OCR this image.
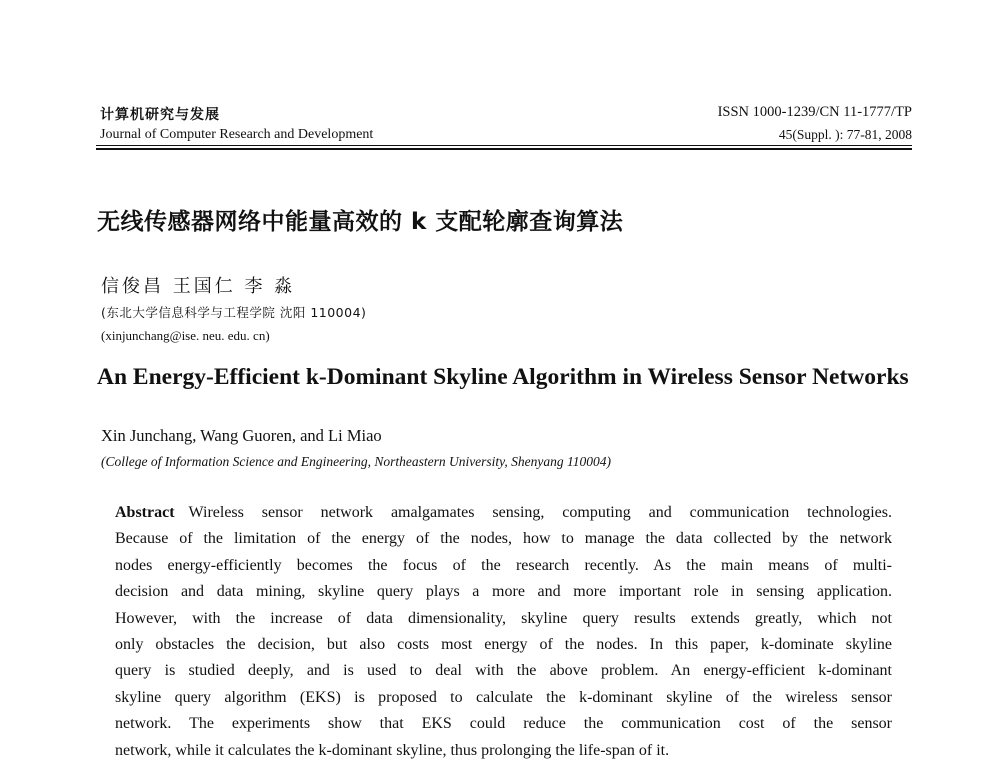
计算机研究与发展
Journal of Computer Research and Development
ISSN 1000-1239/CN 11-1777/TP
45(Suppl. ): 77-81, 2008
无线传感器网络中能量高效的 k 支配轮廓查询算法
信俊昌 王国仁 李 淼
(东北大学信息科学与工程学院 沈阳 110004)
(xinjunchang@ise. neu. edu. cn)
An Energy-Efficient k-Dominant Skyline Algorithm in Wireless Sensor Networks
Xin Junchang, Wang Guoren, and Li Miao
(College of Information Science and Engineering, Northeastern University, Shenyang 110004)
Abstract Wireless sensor network amalgamates sensing, computing and communication technologies.
Because of the limitation of the energy of the nodes, how to manage the data collected by the network
nodes energy-efficiently becomes the focus of the research recently. As the main means of multi-
decision and data mining, skyline query plays a more and more important role in sensing application.
However, with the increase of data dimensionality, skyline query results extends greatly, which not
only obstacles the decision, but also costs most energy of the nodes. In this paper, k-dominate skyline
query is studied deeply, and is used to deal with the above problem. An energy-efficient k-dominant
skyline query algorithm (EKS) is proposed to calculate the k-dominant skyline of the wireless sensor
network. The experiments show that EKS could reduce the communication cost of the sensor
network, while it calculates the k-dominant skyline, thus prolonging the life-span of it.
